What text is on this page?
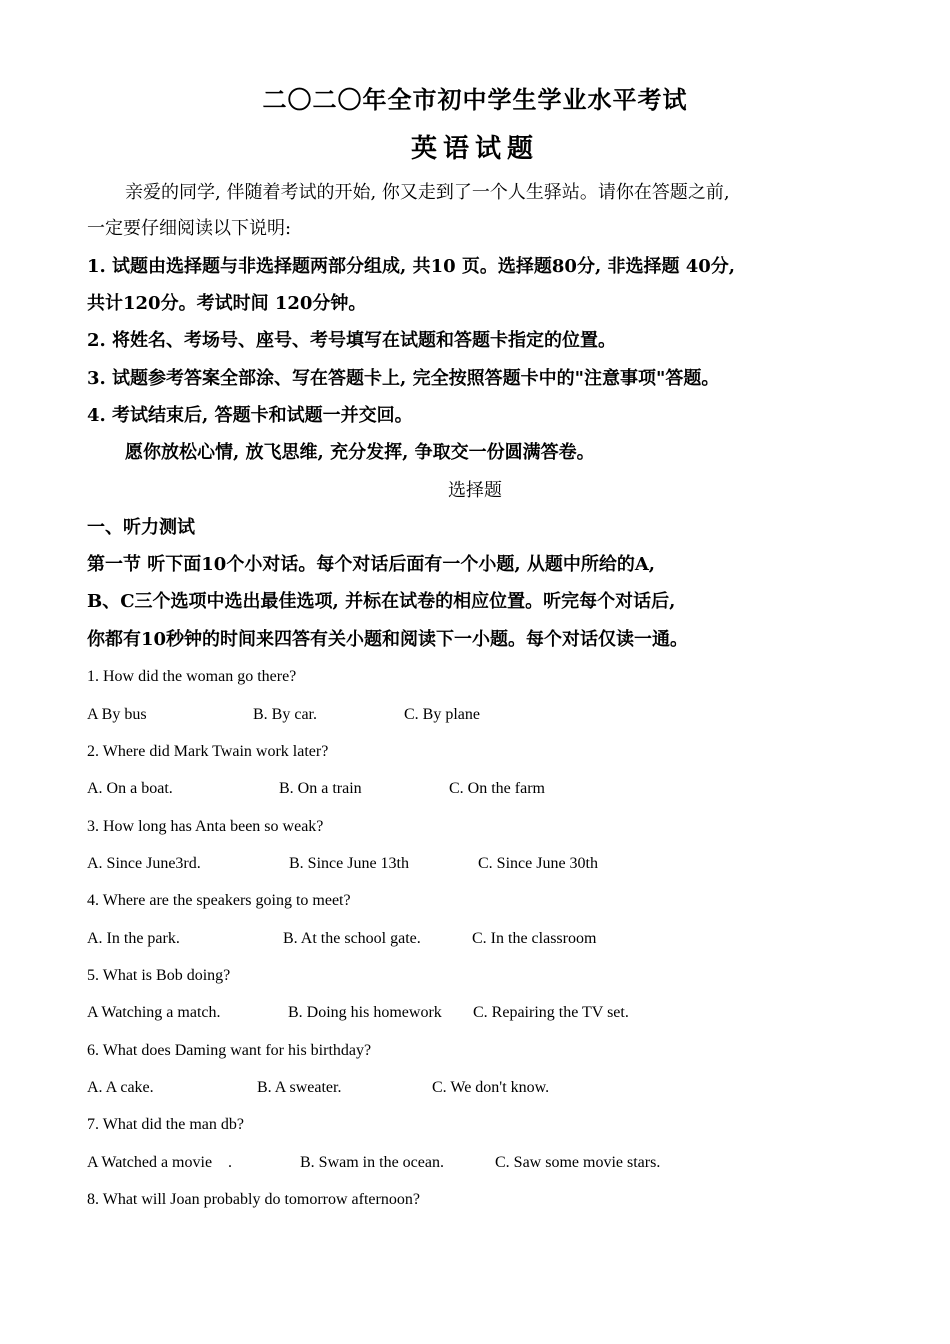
二〇二〇年全市初中学生学业水平考试
英语试题
亲爱的同学, 伴随着考试的开始, 你又走到了一个人生驿站。请你在答题之前,
一定要仔细阅读以下说明:
1. 试题由选择题与非选择题两部分组成, 共10 页。选择题80分, 非选择题 40分,
共计120分。考试时间 120分钟。
2. 将姓名、考场号、座号、考号填写在试题和答题卡指定的位置。
3. 试题参考答案全部涂、写在答题卡上, 完全按照答题卡中的"注意事项"答题。
4. 考试结束后, 答题卡和试题一并交回。
愿你放松心情, 放飞思维, 充分发挥, 争取交一份圆满答卷。
选择题
一、听力测试
第一节 听下面10个小对话。每个对话后面有一个小题, 从题中所给的A,
B、C三个选项中选出最佳选项, 并标在试卷的相应位置。听完每个对话后,
你都有10秒钟的时间来四答有关小题和阅读下一小题。每个对话仅读一通。
1. How did the woman go there?
A By bus	B. By car.	C. By plane
2. Where did Mark Twain work later?
A. On a boat.	B. On a train	C. On the farm
3. How long has Anta been so weak?
A. Since June3rd.	B. Since June 13th	C. Since June 30th
4. Where are the speakers going to meet?
A. In the park.	B. At the school gate.	C. In the classroom
5. What is Bob doing?
A Watching a match.	B. Doing his homework C. Repairing the TV set.
6. What does Daming want for his birthday?
A. A cake.	B. A sweater.	C. We don't know.
7. What did the man db?
A Watched a movie    .	B. Swam in the ocean.	C. Saw some movie stars.
8. What will Joan probably do tomorrow afternoon?
